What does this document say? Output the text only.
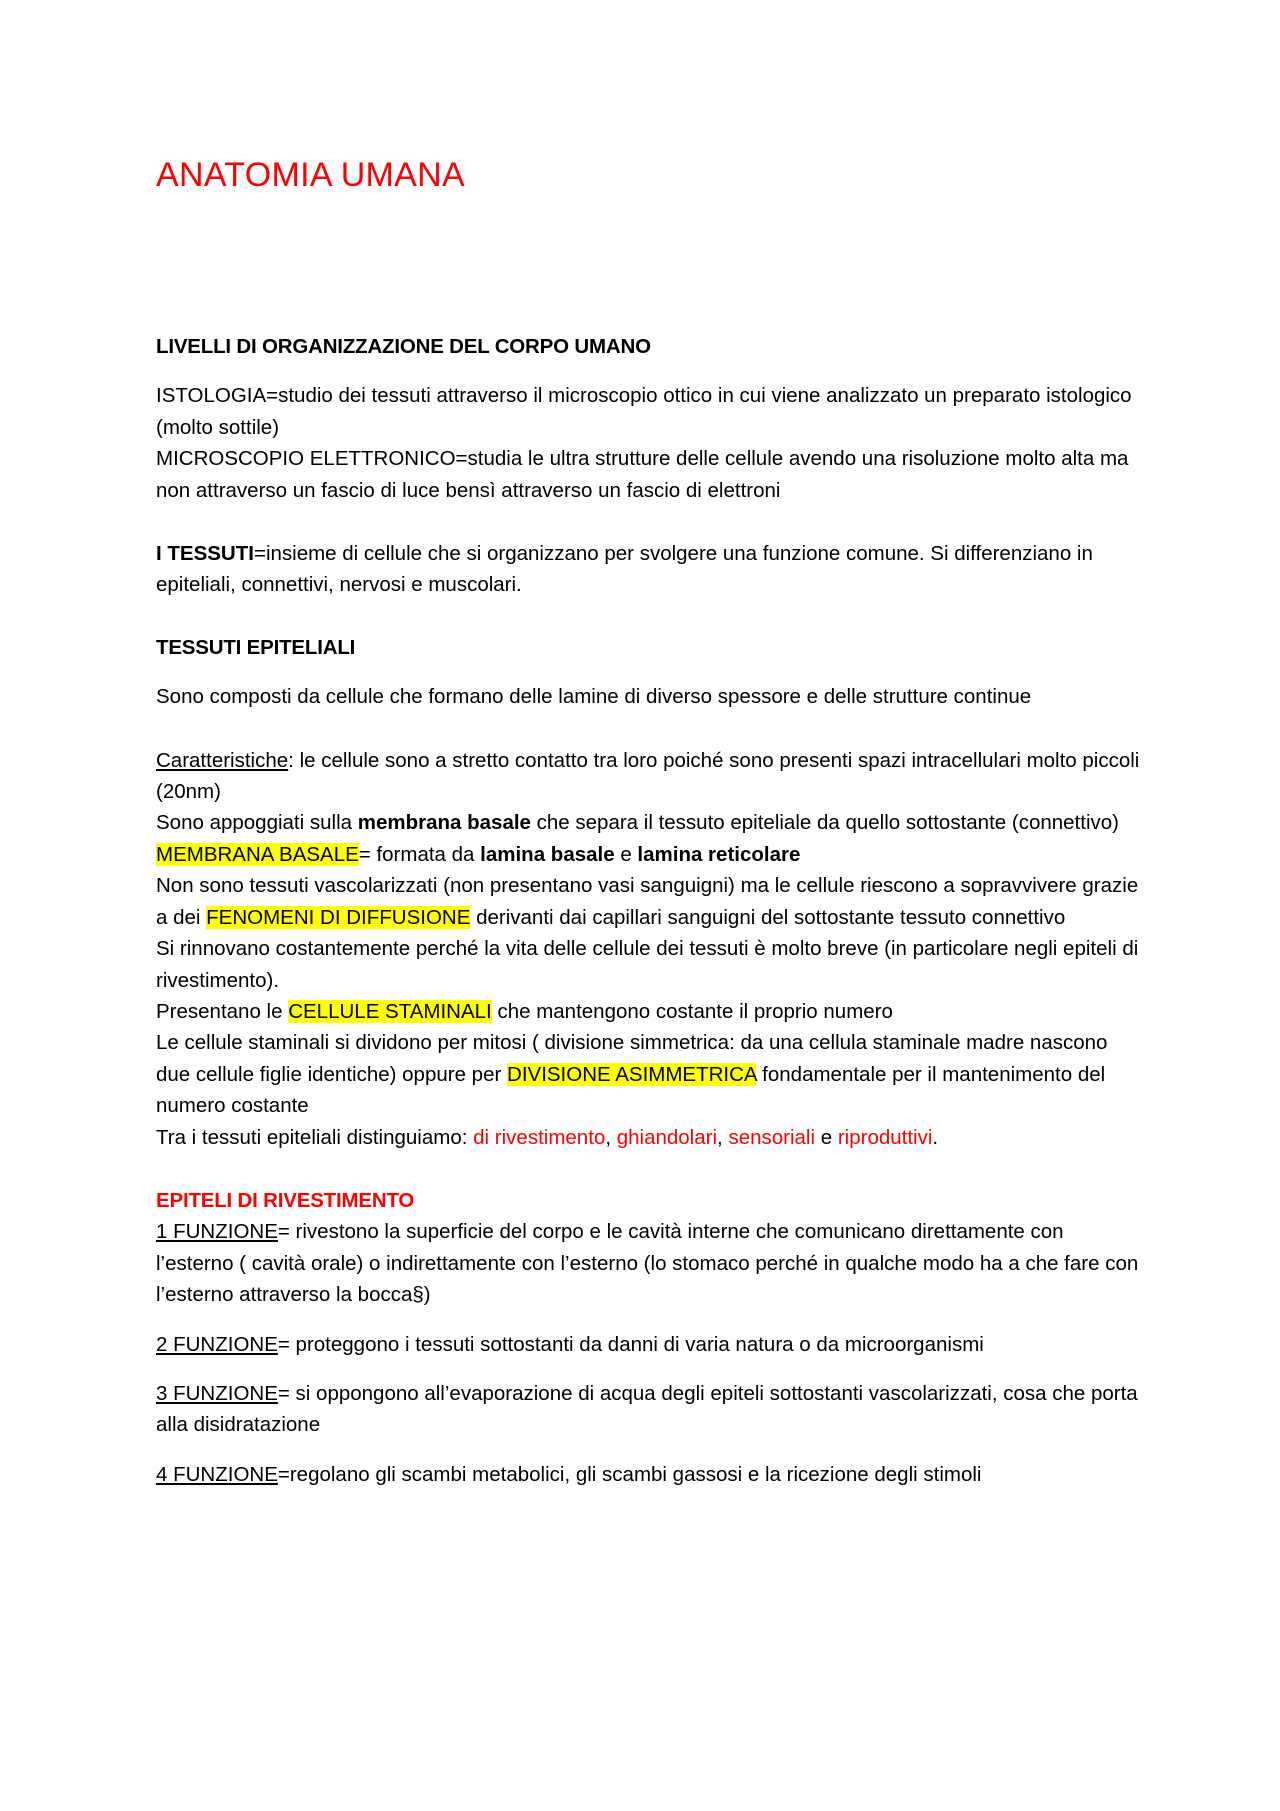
ANATOMIA UMANA
LIVELLI DI ORGANIZZAZIONE DEL CORPO UMANO

ISTOLOGIA=studio dei tessuti attraverso il microscopio ottico in cui viene analizzato un preparato istologico (molto sottile)

MICROSCOPIO ELETTRONICO=studia le ultra strutture delle cellule avendo una risoluzione molto alta ma non attraverso un fascio di luce bensì attraverso un fascio di elettroni

I TESSUTI=insieme di cellule che si organizzano per svolgere una funzione comune. Si differenziano in epiteliali, connettivi, nervosi e muscolari.

TESSUTI EPITELIALI

Sono composti da cellule che formano delle lamine di diverso spessore e delle strutture continue

Caratteristiche: le cellule sono a stretto contatto tra loro poiché sono presenti spazi intracellulari molto piccoli (20nm)

Sono appoggiati sulla membrana basale che separa il tessuto epiteliale da quello sottostante (connettivo)

MEMBRANA BASALE= formata da lamina basale e lamina reticolare

Non sono tessuti vascolarizzati (non presentano vasi sanguigni) ma le cellule riescono a sopravvivere grazie a dei FENOMENI DI DIFFUSIONE derivanti dai capillari sanguigni del sottostante tessuto connettivo

Si rinnovano costantemente perché la vita delle cellule dei tessuti è molto breve (in particolare negli epiteli di rivestimento).

Presentano le CELLULE STAMINALI che mantengono costante il proprio numero

Le cellule staminali si dividono per mitosi ( divisione simmetrica: da una cellula staminale madre nascono due cellule figlie identiche) oppure per DIVISIONE ASIMMETRICA fondamentale per il mantenimento del numero costante

Tra i tessuti epiteliali distinguiamo: di rivestimento, ghiandolari, sensoriali e riproduttivi.

EPITELI DI RIVESTIMENTO

1 FUNZIONE= rivestono la superficie del corpo e le cavità interne che comunicano direttamente con l’esterno ( cavità orale) o indirettamente con l’esterno (lo stomaco perché in qualche modo ha a che fare con l’esterno attraverso la bocca§)

2 FUNZIONE= proteggono i tessuti sottostanti da danni di varia natura o da microorganismi

3 FUNZIONE= si oppongono all’evaporazione di acqua degli epiteli sottostanti vascolarizzati, cosa che porta alla disidratazione

4 FUNZIONE=regolano gli scambi metabolici, gli scambi gassosi e la ricezione degli stimoli
